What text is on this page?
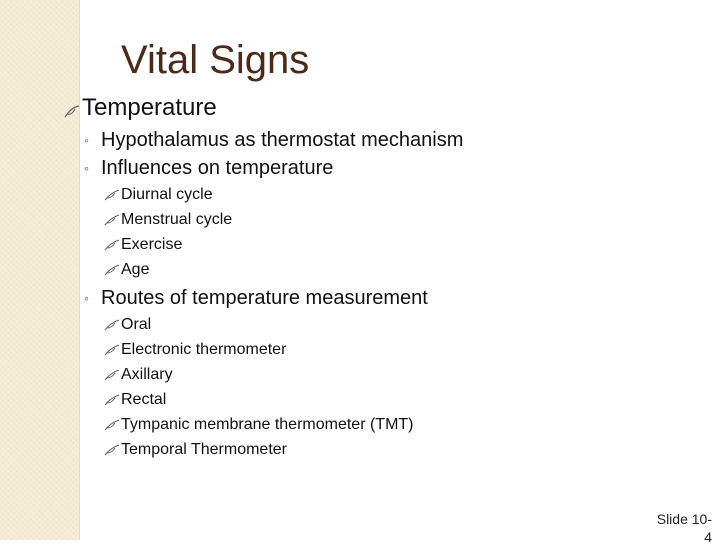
Vital Signs
Temperature
◦ Hypothalamus as thermostat mechanism
◦ Influences on temperature
Diurnal cycle
Menstrual cycle
Exercise
Age
◦ Routes of temperature measurement
Oral
Electronic thermometer
Axillary
Rectal
Tympanic membrane thermometer (TMT)
Temporal Thermometer
Slide 10-4
